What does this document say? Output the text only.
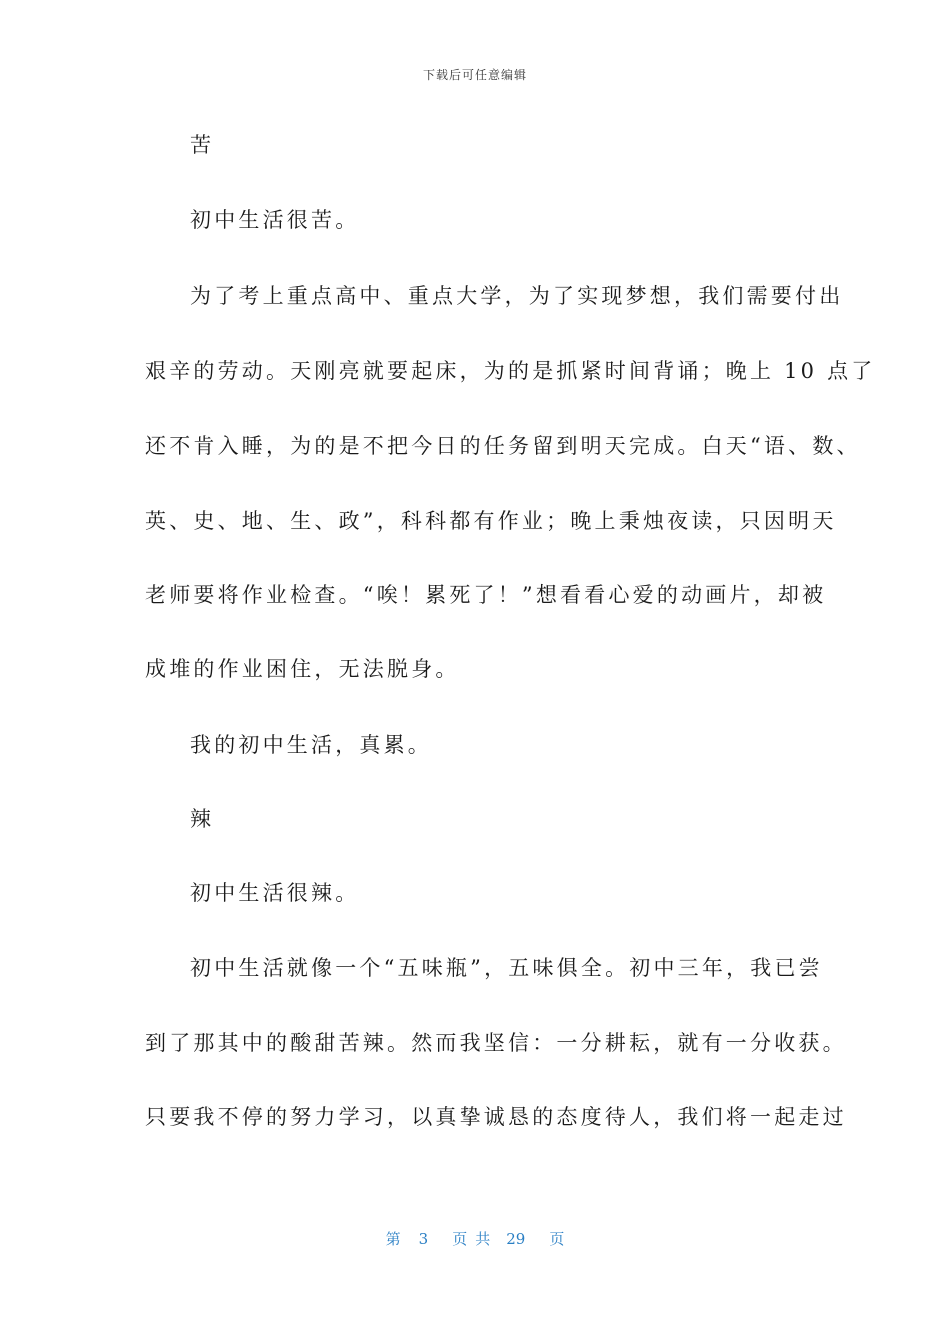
下载后可任意编辑
苦
初中生活很苦。
为了考上重点高中、重点大学，为了实现梦想，我们需要付出
艰辛的劳动。天刚亮就要起床，为的是抓紧时间背诵；晚上 10 点了
还不肯入睡，为的是不把今日的任务留到明天完成。白天“语、数、
英、史、地、生、政”，科科都有作业；晚上秉烛夜读，只因明天
老师要将作业检查。“唉！累死了！”想看看心爱的动画片，却被
成堆的作业困住，无法脱身。
我的初中生活，真累。
辣
初中生活很辣。
初中生活就像一个“五味瓶”，五味俱全。初中三年，我已尝
到了那其中的酸甜苦辣。然而我坚信：一分耕耘，就有一分收获。
只要我不停的努力学习，以真挚诚恳的态度待人，我们将一起走过
第 3 页 共 29 页
